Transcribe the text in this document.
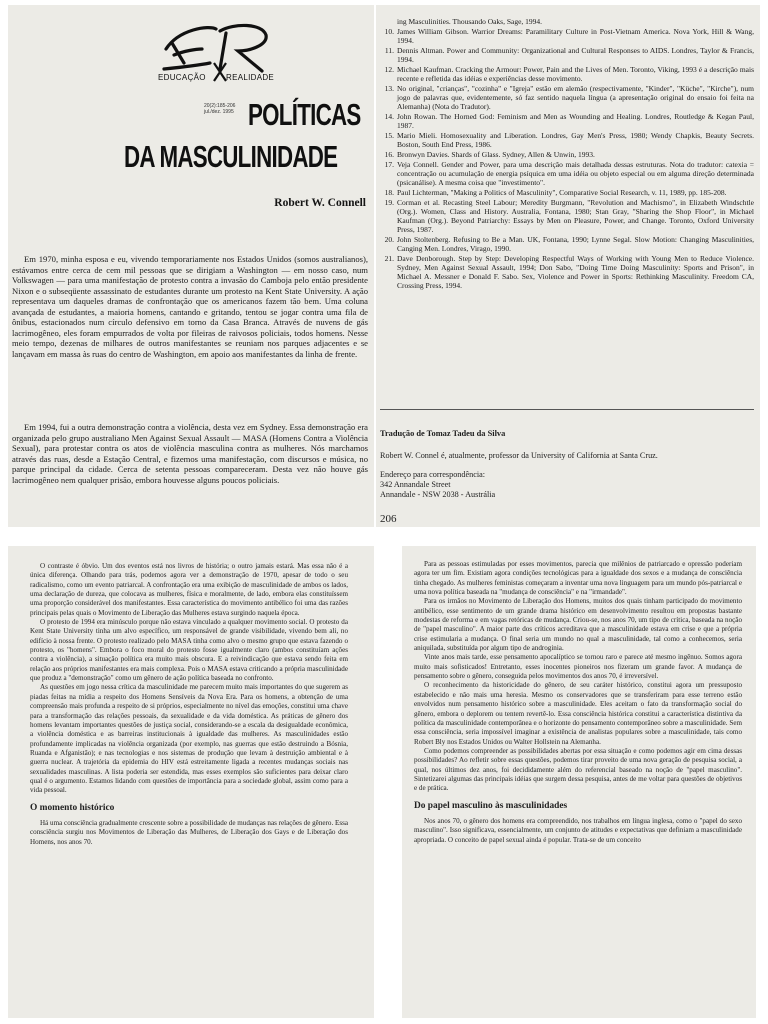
EDUCAÇÃO	REALIDADE
20(2):185-206
jul./dez. 1995 POLÍTICAS
DA MASCULINIDADE
Robert W. Connell

Em 1970, minha esposa e eu, vivendo temporariamente nos Estados Unidos (somos australianos), estávamos entre cerca de cem mil pessoas que se dirigiam a Washington — em nosso caso, num Volkswagen — para uma manifestação de protesto contra a invasão do Camboja pelo então presidente Nixon e o subseqüente assassinato de estudantes durante um protesto na Kent State University. A ação representava um daqueles dramas de confrontação que os americanos fazem tão bem. Uma coluna avançada de estudantes, a maioria homens, cantando e gritando, tentou se jogar contra uma fila de ônibus, estacionados num círculo defensivo em torno da Casa Branca. Através de nuvens de gás lacrimogêneo, eles foram empurrados de volta por fileiras de raivosos policiais, todos homens. Nesse meio tempo, dezenas de milhares de outros manifestantes se reuniam nos parques adjacentes e se lançavam em massa às ruas do centro de Washington, em apoio aos manifestantes da linha de frente.

Em 1994, fui a outra demonstração contra a violência, desta vez em Sydney. Essa demonstração era organizada pelo grupo australiano Men Against Sexual Assault — MASA (Homens Contra a Violência Sexual), para protestar contra os atos de violência masculina contra as mulheres. Nós marchamos através das ruas, desde a Estação Central, e fizemos uma manifestação, com discursos e música, no parque principal da cidade. Cerca de setenta pessoas compareceram. Desta vez não houve gás lacrimogêneo nem qualquer prisão, embora houvesse alguns poucos policiais.

ing Masculinities. Thousando Oaks, Sage, 1994.
10. James William Gibson. Warrior Dreams: Paramilitary Culture in Post-Vietnam America. Nova York, Hill & Wang, 1994.
11. Dennis Altman. Power and Community: Organizational and Cultural Responses to AIDS. Londres, Taylor & Francis, 1994.
12. Michael Kaufman. Cracking the Armour: Power, Pain and the Lives of Men. Toronto, Viking, 1993 é a descrição mais recente e refletida das idéias e experiências desse movimento.
13. No original, "crianças", "cozinha" e "Igreja" estão em alemão (respectivamente, "Kinder", "Küche", "Kirche"), num jogo de palavras que, evidentemente, só faz sentido naquela língua (a apresentação original do ensaio foi feita na Alemanha) (Nota do Tradutor).
14. John Rowan. The Horned God: Feminism and Men as Wounding and Healing. Londres, Routledge & Kegan Paul, 1987.
15. Mario Mieli. Homosexuality and Liberation. Londres, Gay Men's Press, 1980; Wendy Chapkis, Beauty Secrets. Boston, South End Press, 1986.
16. Bronwyn Davies. Shards of Glass. Sydney, Allen & Unwin, 1993.
17. Veja Connell. Gender and Power, para uma descrição mais detalhada dessas estruturas. Nota do tradutor: catexia = concentração ou acumulação de energia psíquica em uma idéia ou objeto especial ou em alguma direção determinada (psicanálise). A mesma coisa que "investimento".
18. Paul Lichterman, "Making a Politics of Masculinity", Comparative Social Research, v. 11, 1989, pp. 185-208.
19. Corman et al. Recasting Steel Labour; Meredity Burgmann, "Revolution and Machismo", in Elizabeth Windschtle (Org.). Women, Class and History. Australia, Fontana, 1980; Stan Gray, "Sharing the Shop Floor", in Michael Kaufman (Org.). Beyond Patriarchy: Essays by Men on Pleasure, Power, and Change. Toronto, Oxford University Press, 1987.
20. John Stoltenberg. Refusing to Be a Man. UK, Fontana, 1990; Lynne Segal. Slow Motion: Changing Masculinities, Canging Men. Londres, Virago, 1990.
21. Dave Denborough. Step by Step: Developing Respectful Ways of Working with Young Men to Reduce Violence. Sydney, Men Against Sexual Assault, 1994; Don Sabo, "Doing Time Doing Masculinity: Sports and Prison", in Michael A. Messner e Donald F. Sabo. Sex, Violence and Power in Sports: Rethinking Masculinity. Freedom CA, Crossing Press, 1994.
Tradução de Tomaz Tadeu da Silva
Robert W. Connel é, atualmente, professor da University of California at Santa Cruz.
Endereço para correspondência:
342 Annandale Street
Annandale - NSW 2038 - Austrália
206

O contraste é óbvio. Um dos eventos está nos livros de história; o outro jamais estará. Mas essa não é a única diferença. Olhando para trás, podemos agora ver a demonstração de 1970, apesar de todo o seu radicalismo, como um evento patriarcal. A confrontação era uma exibição de masculinidade de ambos os lados, uma declaração de dureza, que colocava as mulheres, física e moralmente, de lado, embora elas constituíssem uma proporção considerável dos manifestantes. Essa característica do movimento antibélico foi uma das razões principais pelas quais o Movimento de Liberação das Mulheres estava surgindo naquela época.

O protesto de 1994 era minúsculo porque não estava vinculado a qualquer movimento social. O protesto da Kent State University tinha um alvo específico, um responsável de grande visibilidade, vivendo bem ali, no edifício à nossa frente. O protesto realizado pelo MASA tinha como alvo o mesmo grupo que estava fazendo o protesto, os "homens". Embora o foco moral do protesto fosse igualmente claro (ambos constituíam ações contra a violência), a situação política era muito mais obscura. E a reivindicação que estava sendo feita em relação aos próprios manifestantes era mais complexa. Pois o MASA estava criticando a própria masculinidade que produz a "demonstração" como um gênero de ação política baseada no confronto.

As questões em jogo nessa crítica da masculinidade me parecem muito mais importantes do que sugerem as piadas feitas na mídia a respeito dos Homens Sensíveis da Nova Era. Para os homens, a obtenção de uma compreensão mais profunda a respeito de si próprios, especialmente no nível das emoções, constitui uma chave para a transformação das relações pessoais, da sexualidade e da vida doméstica. As práticas de gênero dos homens levantam importantes questões de justiça social, considerando-se a escala da desigualdade econômica, a violência doméstica e as barreiras institucionais à igualdade das mulheres. As masculinidades estão profundamente implicadas na violência organizada (por exemplo, nas guerras que estão destruindo a Bósnia, Ruanda e Afganistão); e nas tecnologias e nos sistemas de produção que levam à destruição ambiental e à guerra nuclear. A trajetória da epidemia do HIV está estreitamente ligada a recentes mudanças sociais nas sexualidades masculinas. A lista poderia ser estendida, mas esses exemplos são suficientes para deixar claro qual é o argumento. Estamos lidando com questões de importância para a sociedade global, assim como para a vida pessoal.

O momento histórico

Há uma consciência gradualmente crescente sobre a possibilidade de mudanças nas relações de gênero. Essa consciência surgiu nos Movimentos de Liberação das Mulheres, de Liberação dos Gays e de Liberação dos Homens, nos anos 70.

Para as pessoas estimuladas por esses movimentos, parecia que milênios de patriarcado e opressão poderiam agora ter um fim. Existiam agora condições tecnológicas para a igualdade dos sexos e a mudança de consciência tinha chegado. As mulheres feministas começaram a inventar uma nova linguagem para um mundo pós-patriarcal e uma nova política baseada na "mudança de consciência" e na "irmandade".

Para os irmãos no Movimento de Liberação dos Homens, muitos dos quais tinham participado do movimento antibélico, esse sentimento de um grande drama histórico em desenvolvimento resultou em propostas bastante modestas de reforma e em vagas retóricas de mudança. Criou-se, nos anos 70, um tipo de crítica, baseada na noção de "papel masculino". A maior parte dos críticos acreditava que a masculinidade estava em crise e que a própria crise estimularia a mudança. O final seria um mundo no qual a masculinidade, tal como a conhecemos, seria aniquilada, substituída por algum tipo de androginia.

Vinte anos mais tarde, esse pensamento apocalíptico se tornou raro e parece até mesmo ingênuo. Somos agora muito mais sofisticados! Entretanto, esses inocentes pioneiros nos fizeram um grande favor. A mudança de pensamento sobre o gênero, conseguida pelos movimentos dos anos 70, é irreversível.

O reconhecimento da historicidade do gênero, de seu caráter histórico, constitui agora um pressuposto estabelecido e não mais uma heresia. Mesmo os conservadores que se transferiram para esse terreno estão envolvidos num pensamento histórico sobre a masculinidade. Eles aceitam o fato da transformação social do gênero, embora o deplorem ou tentem revertê-lo. Essa consciência histórica constitui a característica distintiva da política da masculinidade contemporânea e o horizonte do pensamento contemporâneo sobre a masculinidade. Sem essa consciência, seria impossível imaginar a existência de analistas populares sobre a masculinidade, tais como Robert Bly nos Estados Unidos ou Walter Hollstein na Alemanha.

Como podemos compreender as possibilidades abertas por essa situação e como podemos agir em cima dessas possibilidades? Ao refletir sobre essas questões, podemos tirar proveito de uma nova geração de pesquisa social, a qual, nos últimos dez anos, foi decididamente além do referencial baseado na noção de "papel masculino". Sintetizarei algumas das principais idéias que surgem dessa pesquisa, antes de me voltar para questões de objetivos e de prática.

Do papel masculino às masculinidades

Nos anos 70, o gênero dos homens era compreendido, nos trabalhos em língua inglesa, como o "papel do sexo masculino". Isso significava, essencialmente, um conjunto de atitudes e expectativas que definiam a masculinidade apropriada. O conceito de papel sexual ainda é popular. Trata-se de um conceito
